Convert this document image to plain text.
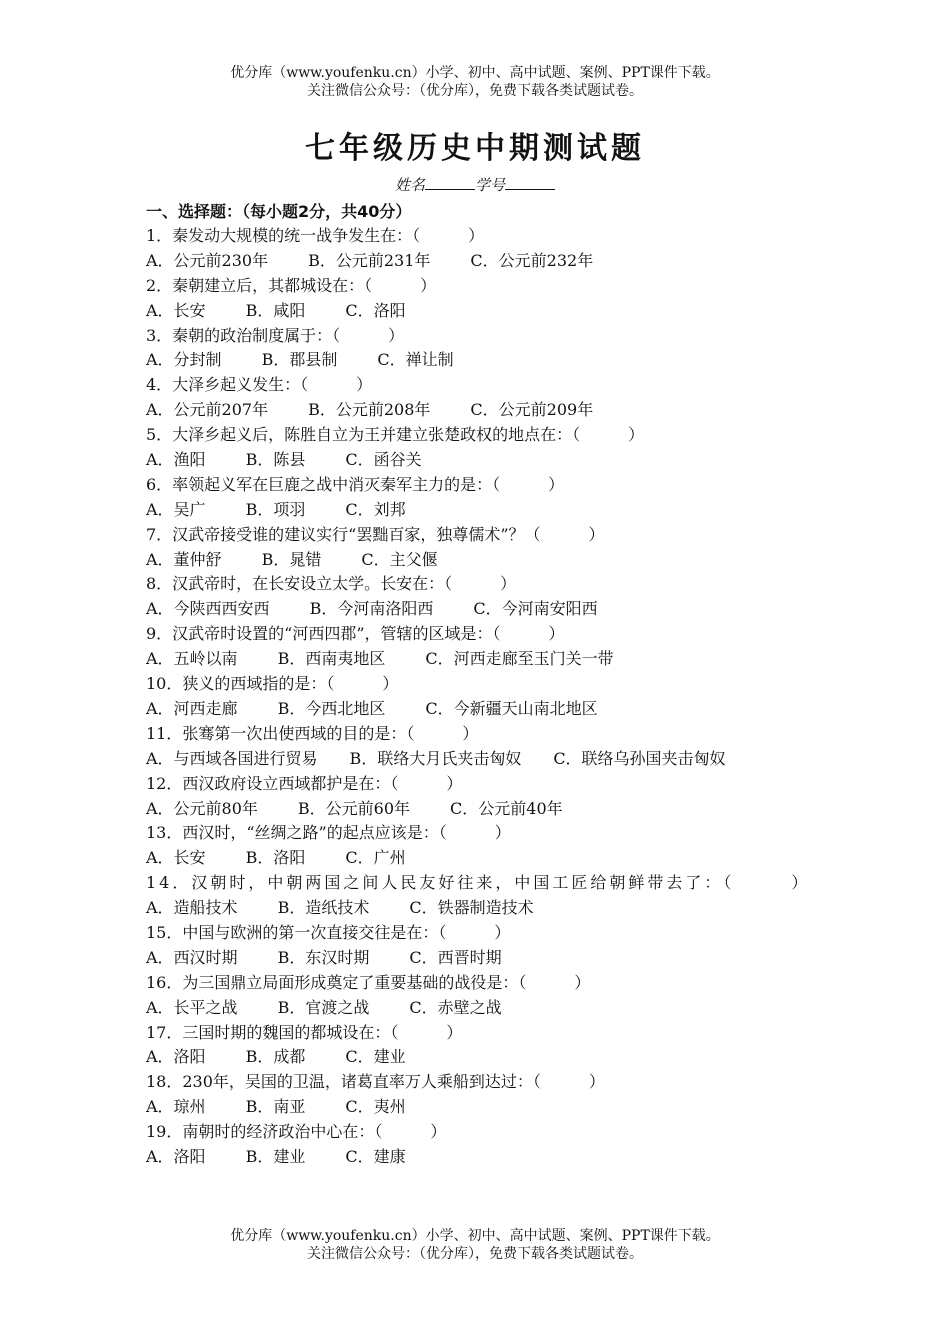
优分库（www.youfenku.cn）小学、初中、高中试题、案例、PPT课件下载。
关注微信公众号：（优分库），免费下载各类试题试卷。
七年级历史中期测试题
姓名	学号
一、选择题：（每小题2分，共40分）
1．秦发动大规模的统一战争发生在：（　　　）
A．公元前230年	B．公元前231年	C．公元前232年
2．秦朝建立后，其都城设在：（　　　）
A．长安	B．咸阳	C．洛阳
3．秦朝的政治制度属于：（　　　）
A．分封制	B．郡县制	C．禅让制
4．大泽乡起义发生：（　　　）
A．公元前207年	B．公元前208年	C．公元前209年
5．大泽乡起义后，陈胜自立为王并建立张楚政权的地点在：（　　　）
A．渔阳	B．陈县	C．函谷关
6．率领起义军在巨鹿之战中消灭秦军主力的是：（　　　）
A．吴广	B．项羽	C．刘邦
7．汉武帝接受谁的建议实行“罢黜百家，独尊儒术”？（　　　）
A．董仲舒	B．晁错	C．主父偃
8．汉武帝时，在长安设立太学。长安在：（　　　）
A．今陕西西安西	B．今河南洛阳西	C．今河南安阳西
9．汉武帝时设置的“河西四郡”，管辖的区域是：（　　　）
A．五岭以南	B．西南夷地区	C．河西走廊至玉门关一带
10．狭义的西域指的是：（　　　）
A．河西走廊	B．今西北地区	C．今新疆天山南北地区
11．张骞第一次出使西域的目的是：（　　　）
A．与西域各国进行贸易　　B．联络大月氏夹击匈奴　　C．联络乌孙国夹击匈奴
12．西汉政府设立西域都护是在：（　　　）
A．公元前80年	B．公元前60年	C．公元前40年
13．西汉时，“丝绸之路”的起点应该是：（　　　）
A．长安	B．洛阳	C．广州
14．汉朝时，中朝两国之间人民友好往来，中国工匠给朝鲜带去了：（　　　）
A．造船技术	B．造纸技术	C．铁器制造技术
15．中国与欧洲的第一次直接交往是在：（　　　）
A．西汉时期	B．东汉时期	C．西晋时期
16．为三国鼎立局面形成奠定了重要基础的战役是：（　　　）
A．长平之战	B．官渡之战	C．赤壁之战
17．三国时期的魏国的都城设在：（　　　）
A．洛阳	B．成都	C．建业
18．230年，吴国的卫温，诸葛直率万人乘船到达过：（　　　）
A．琼州	B．南亚	C．夷州
19．南朝时的经济政治中心在：（　　　）
A．洛阳	B．建业	C．建康
优分库（www.youfenku.cn）小学、初中、高中试题、案例、PPT课件下载。
关注微信公众号：（优分库），免费下载各类试题试卷。
